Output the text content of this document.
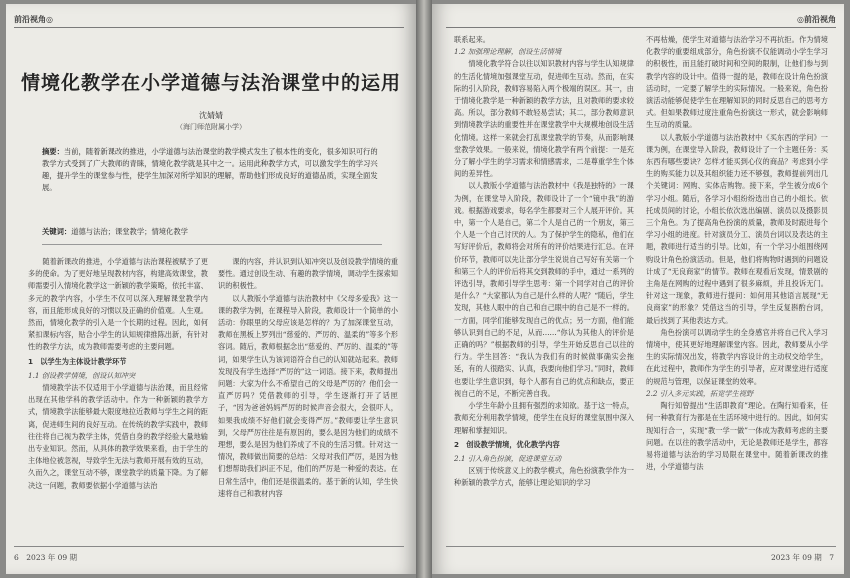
前沿视角◎
情境化教学在小学道德与法治课堂中的运用
沈婧婧
（海门师范附属小学）
摘要：当前，随着新课改的推进，小学道德与法治课堂的教学模式发生了根本性的变化，很多知识可行的教学方式受到了广大教师的青睐，情境化教学就是其中之一。运用此种教学方式，可以激发学生的学习兴趣，提升学生的课堂参与性，使学生加深对所学知识的理解，帮助他们形成良好的道德品质，实现全面发展。
关键词：道德与法治；课堂教学；情境化教学

随着新课改的推进，小学道德与法治课程被赋予了更多的使命。为了更好地呈现教材内容，构建高效课堂，教师需要引入情境化教学这一新颖的教学策略，依托丰富、多元的教学内容，小学生不仅可以深入理解课堂教学内容，而且能形成良好的习惯以及正确的价值观。人生观。然而，情境化教学的引入是一个长期的过程。因此，如何紧扣课标内容，贴合小学生的认知规律推陈出新，有针对性的教学方法，成为教师需要考虑的主要问题。

1　以学生为主体设计教学环节

1.1 创设教学情境，创设认知冲突

情境教学法不仅适用于小学道德与法治课，而且经常出现在其他学科的教学活动中。作为一种新颖的教学方式，情境教学法能够最大限度地拉近教师与学生之间的距离，促进师生间的良好互动。在传统的教学实践中，教师往往将自己视为教学主体，凭借自身的教学经验大量地输出专业知识。然而，从具体的教学效果来看，由于学生的主体地位被忽视，导致学生无法与教师开展有效的互动，久而久之，课堂互动不够，课堂教学的质量下降。为了解决这一问题，教师要依据小学道德与法治

课的内容，并认识到认知冲突以及创设教学情境的重要性。通过创设生动、有趣的教学情境，调动学生探索知识的积极性。

以人教版小学道德与法治教材中《父母多爱我》这一课的教学为例，在课程导入阶段，教师设计一个简单的小活动：你眼里的父母应该是怎样的？为了加深课堂互动，教师在黑板上罗列出“慈爱的、严厉的、温柔的”等多个形容词。随后，教师根据念出“慈爱的、严厉的、温柔的”等词，如果学生认为该词语符合自己的认知就站起来。教师发现没有学生选择“严厉的”这一词语。接下来，教师提出问题：大家为什么不希望自己的父母是严厉的？他们会一直严厉吗？凭借教师的引导，学生逐渐打开了话匣子，“因为爸爸妈妈严厉的时候声音会很大，会很吓人，如果我成绩不好他们就会变得严厉。”教师要让学生意识到，父母严厉往往是有原因的，要么是因为他们的成绩不理想，要么是因为他们养成了不良的生活习惯。针对这一情况，教师做出简要的总结：父母对我们严厉，是因为他们想帮助我们纠正不足，他们的严厉是一种爱的表达。在日常生活中，他们还是很温柔的。基于新的认知，学生快速将自己和教材内容

6　2023 年 09 期
◎前沿视角

联系起来。

1.2 加强理论理解，创设生活情境

情境化教学符合以往以知识教材内容与学生认知规律的生活化情境加强课堂互动，促进师生互动。然而，在实际的引入阶段，教师容易陷入两个极端的误区。其一，由于情境化教学是一种新颖的教学方法，且对教师的要求较高。所以，部分教师不敢轻易尝试；其二，部分教师意识到情境教学法的重要性并在课堂教学中大规模地创设生活化情境。这样一来就会打乱课堂教学的节奏，从而影响课堂教学效果。一般来说，情境化教学有两个前提：一是充分了解小学生的学习需求和情感需求，二是尊重学生个体间的差异性。

以人教版小学道德与法治教材中《我是独特的》一课为例，在课堂导入阶段，教师设计了一个“镜中我”的游戏。根据游戏要求，每名学生都要对三个人展开评价。其中，第一个人是自己，第二个人是自己的一个朋友，第三个人是一个自己讨厌的人。为了保护学生的隐私，他们在写好评价后，教师将会对所有的评价结果进行汇总。在评价环节，教师可以先让部分学生说说自己写好有关第一个和第三个人的评价后将其交到教师的手中，通过一系列的评选引导，教师引导学生思考：第一个同学对自己的评价是什么？“大家都认为自己是什么样的人呢？“随后，学生发现，其他人眼中的自己和自己眼中的自己是不一样的。一方面，同学们能够发现自己的优点；另一方面，他们能够认识到自己的不足，从而……“你认为其他人的评价是正确的吗？”根据教师的引导，学生开始反思自己以往的行为。学生回答：“我认为我们有的时候做事确实会拖延，有的人很踏实、认真，我要向他们学习。”同时，教师也要让学生意识到，每个人都有自己的优点和缺点，要正视自己的不足，不断完善自我。

小学生年龄小且拥有强烈的求知欲。基于这一特点，教师充分利用教学情境，使学生在良好的课堂氛围中深入理解和掌握知识。

2　创设教学情境，优化教学内容

2.1 引入角色扮演，促进课堂互动

区别于传统意义上的教学模式，角色扮演教学作为一种新颖的教学方式，能够让理论知识的学习

不再枯燥，使学生对道德与法治学习不再抗拒。作为情境化教学的重要组成部分，角色扮演不仅能调动小学生学习的积极性，而且能打破时间和空间的限制，让他们参与到教学内容的设计中。值得一提的是，教师在设计角色扮演活动时，一定要了解学生的实际情况。一般来说，角色扮演活动能够促使学生在理解知识的同时反思自己的思考方式。但如果教师过度注重角色扮演这一形式，就会影响师生互动的质量。

以人教版小学道德与法治教材中《买东西的学问》一课为例，在课堂导入阶段，教师设计了一个主题任务：买东西有哪些要诀？怎样才能买到心仪的商品？考虑到小学生的购买能力以及其组织能力还不够强，教师提前列出几个关键词：网购、实体店购物。接下来，学生被分成6个学习小组。随后，各学习小组纷纷选出自己的小组长。依托成员间的讨论，小组长依次选出编剧、演员以及摄影员三个角色。为了提高角色扮演的质量，教师及时跟进每个学习小组的进度。针对演员分工、演员台词以及表达的主题，教师进行适当的引导。比如，有一个学习小组围绕网购设计角色扮演活动。但是，他们将购物时遇到的问题设计成了“无良商家”的情节。教师在观看后发现，情景剧的主角是在网购的过程中遇到了很多麻烦，并且投诉无门。针对这一现象，教师进行提问：如何用其他语言展现“无良商家”的形象？凭借这当的引导，学生反复斟酌台词，最后找到了其他表达方式。

角色扮演可以调动学生的全身感官并将自己代入学习情境中，使其更好地理解课堂内容。因此，教师要从小学生的实际情况出发，将教学内容设计的主动权交给学生，在此过程中，教师作为学生的引导者，应对课堂进行适度的规范与管理，以保证课堂的效率。

2.2 引入多元实践，拓宽学生视野

陶行知曾提出“生活即教育”理论。在陶行知看来，任何一种教育行为都是在生活环境中进行的。因此，如何实现知行合一，实现“教一学一做”一体成为教师考虑的主要问题。在以往的教学活动中，无论是教师还是学生，都容易将道德与法治的学习局限在课堂中。随着新课改的推进，小学道德与法

2023 年 09 期　7
